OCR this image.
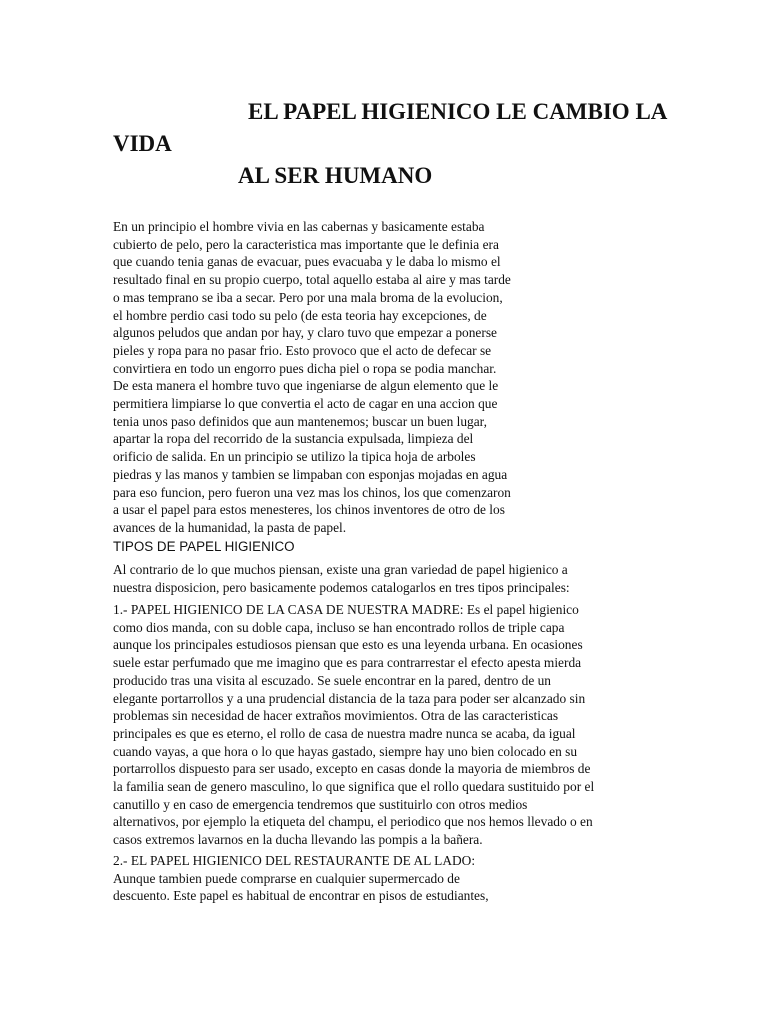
EL PAPEL HIGIENICO LE CAMBIO LA VIDA
AL SER HUMANO
En un principio el hombre vivia en las cabernas y basicamente estaba
cubierto de pelo, pero la caracteristica mas importante que le definia era
que cuando tenia ganas de evacuar, pues evacuaba y le daba lo mismo el
resultado final en su propio cuerpo, total aquello estaba al aire y mas tarde
o mas temprano se iba a secar. Pero por una mala broma de la evolucion,
el hombre perdio casi todo su pelo (de esta teoria hay excepciones, de
algunos peludos que andan por hay, y claro tuvo que empezar a ponerse
pieles y ropa para no pasar frio. Esto provoco que el acto de defecar se
convirtiera en todo un engorro pues dicha piel o ropa se podia manchar.
De esta manera el hombre tuvo que ingeniarse de algun elemento que le
permitiera limpiarse lo que convertia el acto de cagar en una accion que
tenia unos paso definidos que aun mantenemos; buscar un buen lugar,
apartar la ropa del recorrido de la sustancia expulsada, limpieza del
orificio de salida. En un principio se utilizo la tipica hoja de arboles
piedras y las manos y tambien se limpaban con esponjas mojadas en agua
para eso funcion, pero fueron una vez mas los chinos, los que comenzaron
a usar el papel para estos menesteres, los chinos inventores de otro de los
avances de la humanidad, la pasta de papel.
TIPOS DE PAPEL HIGIENICO
Al contrario de lo que muchos piensan, existe una gran variedad de papel higienico a
nuestra disposicion, pero basicamente podemos catalogarlos en tres tipos principales:
1.- PAPEL HIGIENICO DE LA CASA DE NUESTRA MADRE: Es el papel higienico
como dios manda, con su doble capa, incluso se han encontrado rollos de triple capa
aunque los principales estudiosos piensan que esto es una leyenda urbana. En ocasiones
suele estar perfumado que me imagino que es para contrarrestar el efecto apesta mierda
producido tras una visita al escuzado. Se suele encontrar en la pared, dentro de un
elegante portarrollos y a una prudencial distancia de la taza para poder ser alcanzado sin
problemas sin necesidad de hacer extraños movimientos. Otra de las caracteristicas
principales es que es eterno, el rollo de casa de nuestra madre nunca se acaba, da igual
cuando vayas, a que hora o lo que hayas gastado, siempre hay uno bien colocado en su
portarrollos dispuesto para ser usado, excepto en casas donde la mayoria de miembros de
la familia sean de genero masculino, lo que significa que el rollo quedara sustituido por el
canutillo y en caso de emergencia tendremos que sustituirlo con otros medios
alternativos, por ejemplo la etiqueta del champu, el periodico que nos hemos llevado o en
casos extremos lavarnos en la ducha llevando las pompis a la bañera.
2.- EL PAPEL HIGIENICO DEL RESTAURANTE DE AL LADO:
Aunque tambien puede comprarse en cualquier supermercado de
descuento. Este papel es habitual de encontrar en pisos de estudiantes,
